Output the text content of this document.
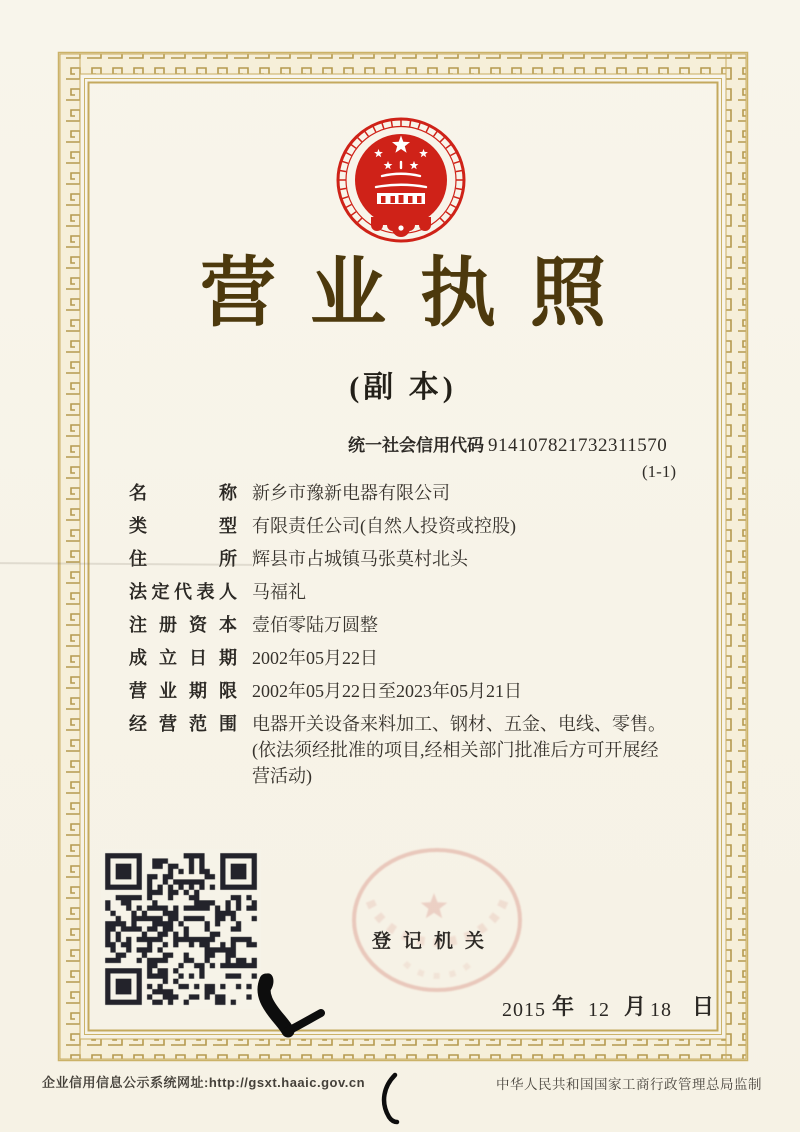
营业执照
(副 本)
统一社会信用代码 914107821732311570
(1-1)
名称 新乡市豫新电器有限公司
类型 有限责任公司(自然人投资或控股)
住所 辉县市占城镇马张莫村北头
法定代表人 马福礼
注册资本 壹佰零陆万圆整
成立日期 2002年05月22日
营业期限 2002年05月22日至2023年05月21日
经营范围 电器开关设备来料加工、钢材、五金、电线、零售。

(依法须经批准的项目,经相关部门批准后方可开展经营活动)

登记机关
2015 年 12 月 18 日
企业信用信息公示系统网址:http://gsxt.haaic.gov.cn	中华人民共和国国家工商行政管理总局监制
